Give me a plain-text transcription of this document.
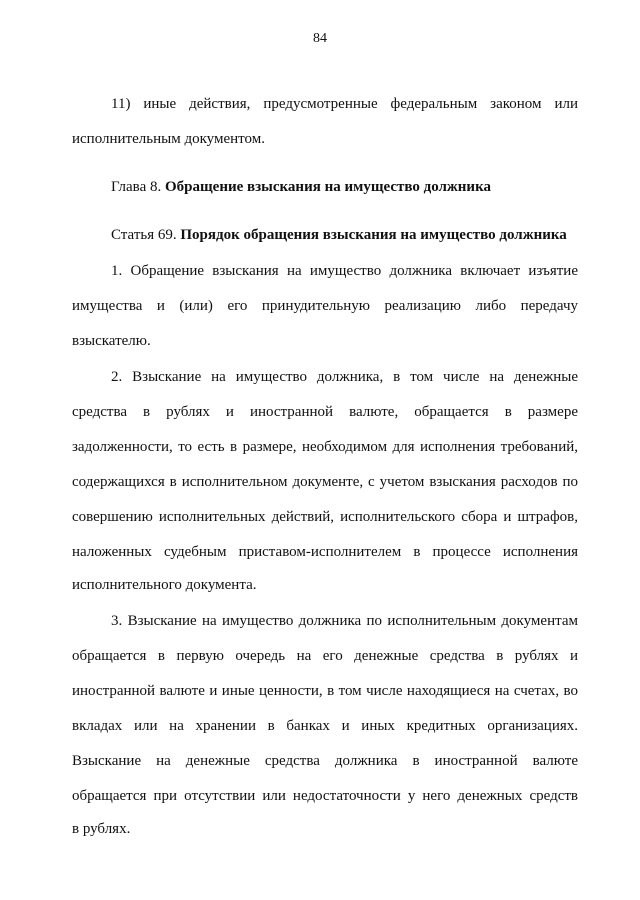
84
11) иные действия, предусмотренные федеральным законом или
исполнительным документом.
Глава 8. Обращение взыскания на имущество должника
Статья 69. Порядок обращения взыскания на имущество должника
1. Обращение взыскания на имущество должника включает изъятие
имущества и (или) его принудительную реализацию либо передачу
взыскателю.
2. Взыскание на имущество должника, в том числе на денежные
средства в рублях и иностранной валюте, обращается в размере
задолженности, то есть в размере, необходимом для исполнения требований,
содержащихся в исполнительном документе, с учетом взыскания расходов по
совершению исполнительных действий, исполнительского сбора и штрафов,
наложенных судебным приставом-исполнителем в процессе исполнения
исполнительного документа.
3. Взыскание на имущество должника по исполнительным документам
обращается в первую очередь на его денежные средства в рублях и
иностранной валюте и иные ценности, в том числе находящиеся на счетах, во
вкладах или на хранении в банках и иных кредитных организациях.
Взыскание на денежные средства должника в иностранной валюте
обращается при отсутствии или недостаточности у него денежных средств
в рублях.
